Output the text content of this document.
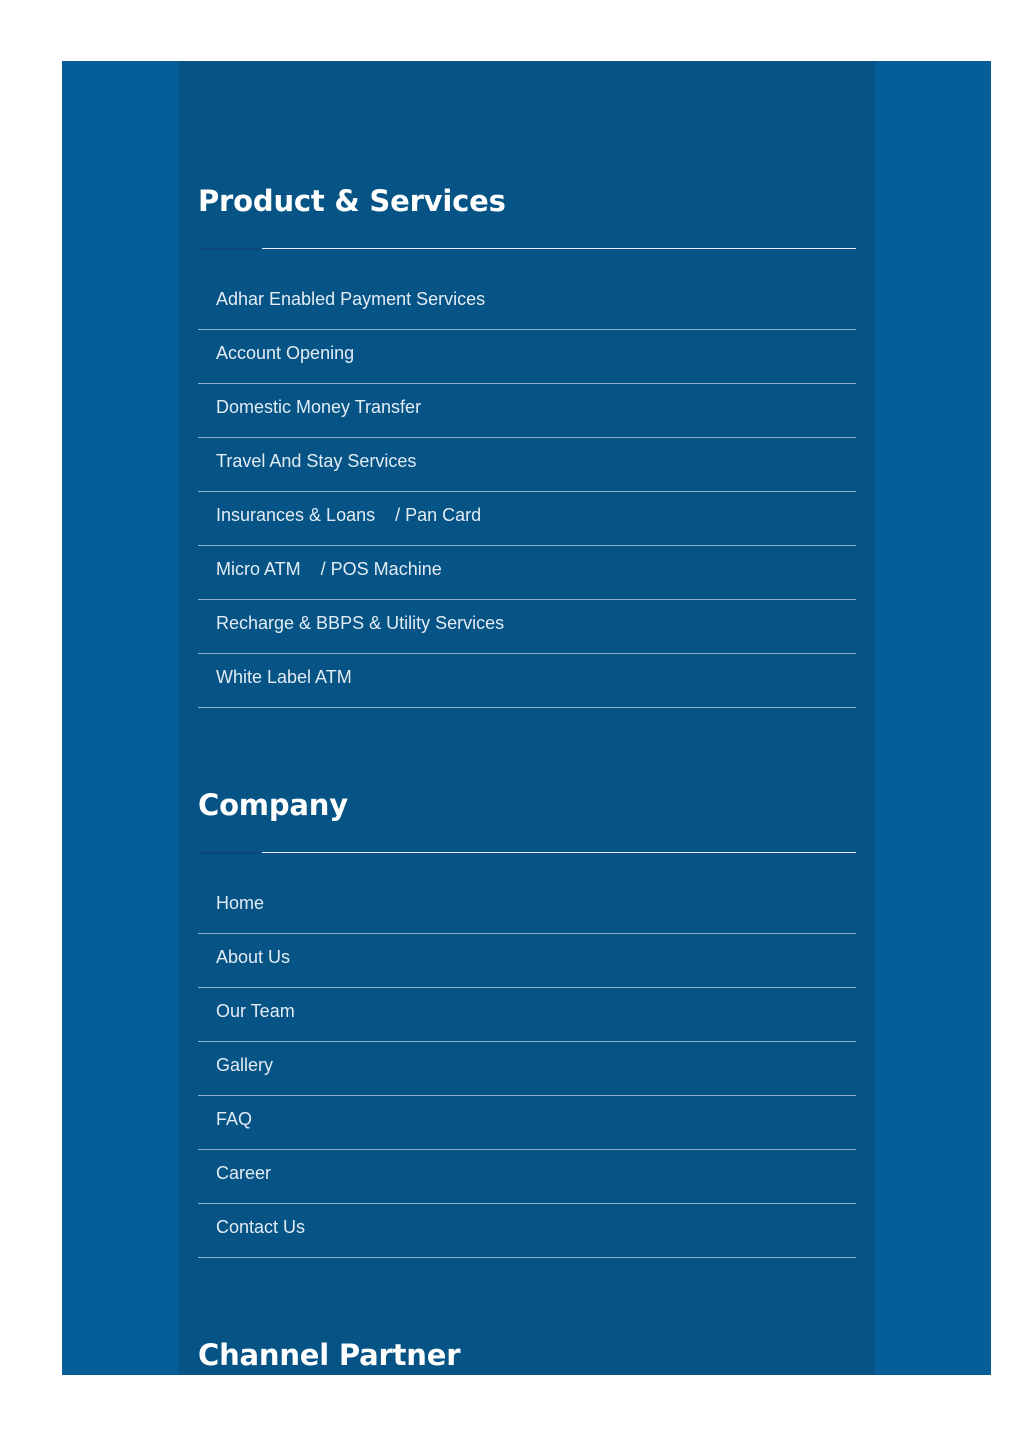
Product & Services
Adhar Enabled Payment Services
Account Opening
Domestic Money Transfer
Travel And Stay Services
Insurances & Loans    / Pan Card
Micro ATM    / POS Machine
Recharge & BBPS & Utility Services
White Label ATM
Company
Home
About Us
Our Team
Gallery
FAQ
Career
Contact Us
Channel Partner
